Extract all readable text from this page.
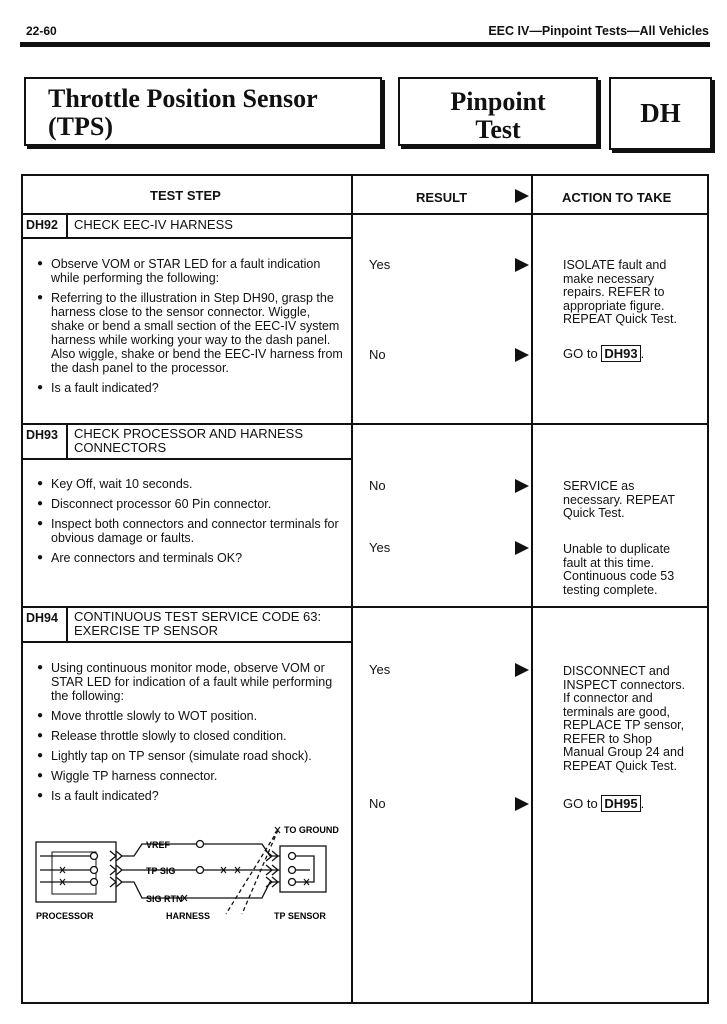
22-60	EEC IV—Pinpoint Tests—All Vehicles
Throttle Position Sensor
(TPS)
Pinpoint
Test
DH
TEST STEP	RESULT	ACTION TO TAKE
DH92 CHECK EEC-IV HARNESS
● Observe VOM or STAR LED for a fault indication while performing the following:
● Referring to the illustration in Step DH90, grasp the harness close to the sensor connector. Wiggle, shake or bend a small section of the EEC-IV system harness while working your way to the dash panel. Also wiggle, shake or bend the EEC-IV harness from the dash panel to the processor.
● Is a fault indicated?
Yes	ISOLATE fault and
make necessary
repairs. REFER to
appropriate figure.
REPEAT Quick Test.
No	GO to DH93 .
DH93 CHECK PROCESSOR AND HARNESS
CONNECTORS
● Key Off, wait 10 seconds.
● Disconnect processor 60 Pin connector.
● Inspect both connectors and connector terminals for obvious damage or faults.
● Are connectors and terminals OK?
No	SERVICE as
necessary. REPEAT
Quick Test.
Yes	Unable to duplicate
fault at this time.
Continuous code 53
testing complete.
DH94 CONTINUOUS TEST SERVICE CODE 63:
EXERCISE TP SENSOR
● Using continuous monitor mode, observe VOM or STAR LED for indication of a fault while performing the following:
● Move throttle slowly to WOT position.
● Release throttle slowly to closed condition.
● Lightly tap on TP sensor (simulate road shock).
● Wiggle TP harness connector.
● Is a fault indicated?
Yes	DISCONNECT and
INSPECT connectors.
If connector and
terminals are good,
REPLACE TP sensor,
REFER to Shop
Manual Group 24 and
REPEAT Quick Test.
No	GO to DH95 .
TO GROUND
VREF
TP SIG
SIG RTN
PROCESSOR	HARNESS	TP SENSOR
